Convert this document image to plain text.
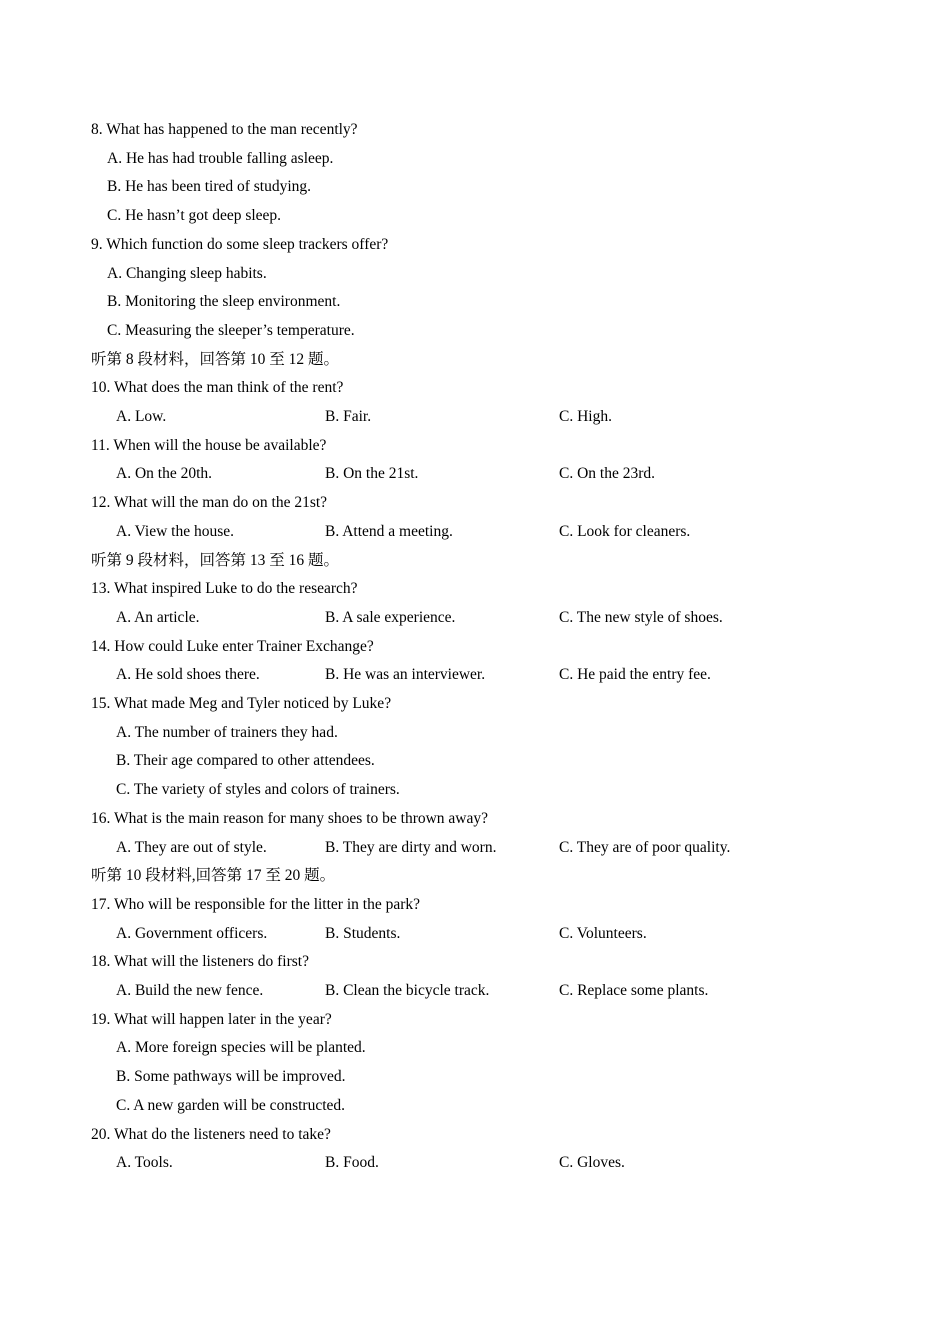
8. What has happened to the man recently?
A. He has had trouble falling asleep.
B. He has been tired of studying.
C. He hasn’t got deep sleep.
9. Which function do some sleep trackers offer?
A. Changing sleep habits.
B. Monitoring the sleep environment.
C. Measuring the sleeper’s temperature.
听第 8 段材料，回答第 10 至 12 题。
10. What does the man think of the rent?
A. Low.	B. Fair.	C. High.
11. When will the house be available?
A. On the 20th.	B. On the 21st.	C. On the 23rd.
12. What will the man do on the 21st?
A. View the house.	B. Attend a meeting.	C. Look for cleaners.
听第 9 段材料，回答第 13 至 16 题。
13. What inspired Luke to do the research?
A. An article.	B. A sale experience.	C. The new style of shoes.
14. How could Luke enter Trainer Exchange?
A. He sold shoes there.	B. He was an interviewer.	C. He paid the entry fee.
15. What made Meg and Tyler noticed by Luke?
A. The number of trainers they had.
B. Their age compared to other attendees.
C. The variety of styles and colors of trainers.
16. What is the main reason for many shoes to be thrown away?
A. They are out of style.	B. They are dirty and worn.	C. They are of poor quality.
听第 10 段材料,回答第 17 至 20 题。
17. Who will be responsible for the litter in the park?
A. Government officers.	B. Students.	C. Volunteers.
18. What will the listeners do first?
A. Build the new fence.	B. Clean the bicycle track.	C. Replace some plants.
19. What will happen later in the year?
A. More foreign species will be planted.
B. Some pathways will be improved.
C. A new garden will be constructed.
20. What do the listeners need to take?
A. Tools.	B. Food.	C. Gloves.
